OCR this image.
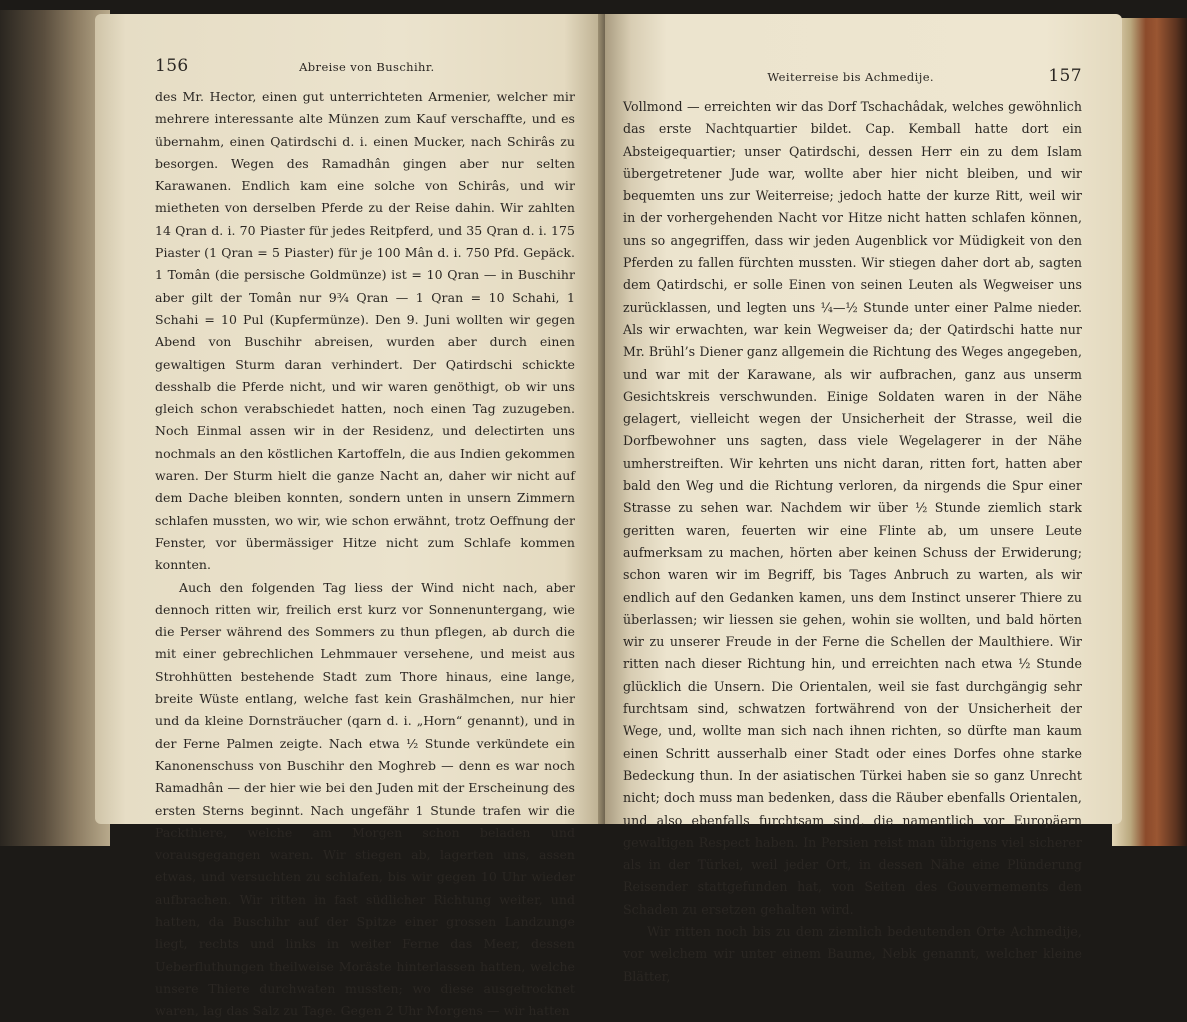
156	Abreise von Buschihr.

des Mr. Hector, einen gut unterrichteten Armenier, welcher mir mehrere interessante alte Münzen zum Kauf verschaffte, und es übernahm, einen Qatirdschi d. i. einen Mucker, nach Schirâs zu besorgen. Wegen des Ramadhân gingen aber nur selten Karawanen. Endlich kam eine solche von Schirâs, und wir mietheten von derselben Pferde zu der Reise dahin. Wir zahlten 14 Qran d. i. 70 Piaster für jedes Reitpferd, und 35 Qran d. i. 175 Piaster (1 Qran = 5 Piaster) für je 100 Mân d. i. 750 Pfd. Gepäck. 1 Tomân (die persische Goldmünze) ist = 10 Qran — in Buschihr aber gilt der Tomân nur 9¾ Qran — 1 Qran = 10 Schahi, 1 Schahi = 10 Pul (Kupfermünze). Den 9. Juni wollten wir gegen Abend von Buschihr abreisen, wurden aber durch einen gewaltigen Sturm daran verhindert. Der Qatirdschi schickte desshalb die Pferde nicht, und wir waren genöthigt, ob wir uns gleich schon verabschiedet hatten, noch einen Tag zuzugeben. Noch Einmal assen wir in der Residenz, und delectirten uns nochmals an den köstlichen Kartoffeln, die aus Indien gekommen waren. Der Sturm hielt die ganze Nacht an, daher wir nicht auf dem Dache bleiben konnten, sondern unten in unsern Zimmern schlafen mussten, wo wir, wie schon erwähnt, trotz Oeffnung der Fenster, vor übermässiger Hitze nicht zum Schlafe kommen konnten.

Auch den folgenden Tag liess der Wind nicht nach, aber dennoch ritten wir, freilich erst kurz vor Sonnenuntergang, wie die Perser während des Sommers zu thun pflegen, ab durch die mit einer gebrechlichen Lehmmauer versehene, und meist aus Strohhütten bestehende Stadt zum Thore hinaus, eine lange, breite Wüste entlang, welche fast kein Grashälmchen, nur hier und da kleine Dornsträucher (qarn d. i. „Horn“ genannt), und in der Ferne Palmen zeigte. Nach etwa ½ Stunde verkündete ein Kanonenschuss von Buschihr den Moghreb — denn es war noch Ramadhân — der hier wie bei den Juden mit der Erscheinung des ersten Sterns beginnt. Nach ungefähr 1 Stunde trafen wir die Packthiere, welche am Morgen schon beladen und vorausgegangen waren. Wir stiegen ab, lagerten uns, assen etwas, und versuchten zu schlafen, bis wir gegen 10 Uhr wieder aufbrachen. Wir ritten in fast südlicher Richtung weiter, und hatten, da Buschihr auf der Spitze einer grossen Landzunge liegt, rechts und links in weiter Ferne das Meer, dessen Ueberfluthungen theilweise Moräste hinterlassen hatten, welche unsere Thiere durchwaten mussten; wo diese ausgetrocknet waren, lag das Salz zu Tage. Gegen 2 Uhr Morgens — wir hatten

Weiterreise bis Achmedije.	157

Vollmond — erreichten wir das Dorf Tschachâdak, welches gewöhnlich das erste Nachtquartier bildet. Cap. Kemball hatte dort ein Absteigequartier; unser Qatirdschi, dessen Herr ein zu dem Islam übergetretener Jude war, wollte aber hier nicht bleiben, und wir bequemten uns zur Weiterreise; jedoch hatte der kurze Ritt, weil wir in der vorhergehenden Nacht vor Hitze nicht hatten schlafen können, uns so angegriffen, dass wir jeden Augenblick vor Müdigkeit von den Pferden zu fallen fürchten mussten. Wir stiegen daher dort ab, sagten dem Qatirdschi, er solle Einen von seinen Leuten als Wegweiser uns zurücklassen, und legten uns ¼—½ Stunde unter einer Palme nieder. Als wir erwachten, war kein Wegweiser da; der Qatirdschi hatte nur Mr. Brühl’s Diener ganz allgemein die Richtung des Weges angegeben, und war mit der Karawane, als wir aufbrachen, ganz aus unserm Gesichtskreis verschwunden. Einige Soldaten waren in der Nähe gelagert, vielleicht wegen der Unsicherheit der Strasse, weil die Dorfbewohner uns sagten, dass viele Wegelagerer in der Nähe umherstreiften. Wir kehrten uns nicht daran, ritten fort, hatten aber bald den Weg und die Richtung verloren, da nirgends die Spur einer Strasse zu sehen war. Nachdem wir über ½ Stunde ziemlich stark geritten waren, feuerten wir eine Flinte ab, um unsere Leute aufmerksam zu machen, hörten aber keinen Schuss der Erwiderung; schon waren wir im Begriff, bis Tages Anbruch zu warten, als wir endlich auf den Gedanken kamen, uns dem Instinct unserer Thiere zu überlassen; wir liessen sie gehen, wohin sie wollten, und bald hörten wir zu unserer Freude in der Ferne die Schellen der Maulthiere. Wir ritten nach dieser Richtung hin, und erreichten nach etwa ½ Stunde glücklich die Unsern. Die Orientalen, weil sie fast durchgängig sehr furchtsam sind, schwatzen fortwährend von der Unsicherheit der Wege, und, wollte man sich nach ihnen richten, so dürfte man kaum einen Schritt ausserhalb einer Stadt oder eines Dorfes ohne starke Bedeckung thun. In der asiatischen Türkei haben sie so ganz Unrecht nicht; doch muss man bedenken, dass die Räuber ebenfalls Orientalen, und also ebenfalls furchtsam sind, die namentlich vor Europäern gewaltigen Respect haben. In Persien reist man übrigens viel sicherer als in der Türkei, weil jeder Ort, in dessen Nähe eine Plünderung Reisender stattgefunden hat, von Seiten des Gouvernements den Schaden zu ersetzen gehalten wird.

Wir ritten noch bis zu dem ziemlich bedeutenden Orte Achmedije, vor welchem wir unter einem Baume, Nebk genannt, welcher kleine Blätter,
